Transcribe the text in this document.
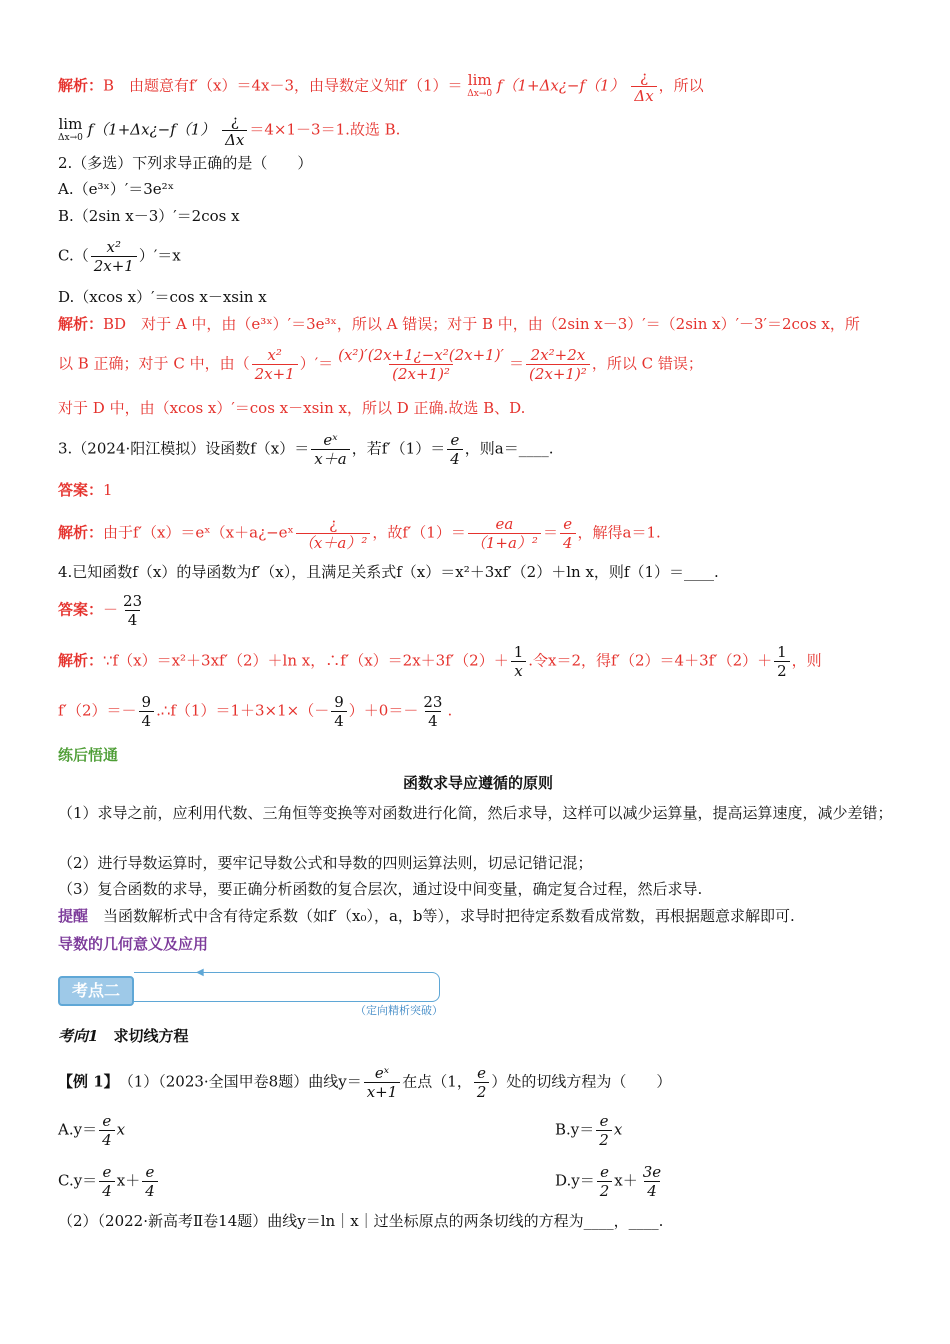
解析：B　由题意有f′（x）＝4x－3，由导数定义知f′（1）＝ lim
Δx→0 f（1+Δx¿−f（1） $\frac{¿}{\Delta x}$ ，所以
lim
Δx→0 f（1+Δx¿−f（1） $\frac{¿}{\Delta x} =4\times 1-3=1$.故选 B.
2.（多选）下列求导正确的是（　　）
A.（e³ˣ）′＝3e²ˣ
B.（2sin x－3）′＝2cos x
$C.( \frac{\text{x²}}{2x+1} )'=x$
D.（xcos x）′＝cos x－xsin x
解析：BD　对于 A 中，由（e³ˣ）′＝3e³ˣ，所以 A 错误；对于 B 中，由（2sin x－3）′＝（2sin x）′－3′＝2cos x，所
以 B 正确；对于 C 中，由（ $\frac{\text{x²}}{2x+1}$ ）′＝ $\frac{\text{(x²)′(2x+1¿−x²(2x+1)′}}{\text{(2x+1)²}} = \frac{\text{2x²+2x}}{\text{(2x+1)²}}$ ，所以 C 错误；
对于 D 中，由（xcos x）′＝cos x－xsin x，所以 D 正确.故选 B、D.
3.（2024·阳江模拟）设函数$f(x)= \frac{\text{eˣ}}{x+a}$ ，若$f'(1)= \frac{e}{4}$ ，则a＝____.
答案：1
解析：由于f′（x）＝eˣ（x＋a¿−eˣ $\frac{¿}{\text{（x＋a）²}}$ ，故$f'(1)= \frac{ea}{\text{（1+a）²}} = \frac{e}{4}$ ，解得a＝1.
4.已知函数f（x）的导函数为f′（x），且满足关系式f（x）＝x²＋3xf′（2）＋ln x，则f（1）＝____.
答案：－ $\frac{23}{4}$
解析：∵f（x）＝x²＋3xf′（2）＋ln x，∴f′（x）＝2x＋3f′（2）＋ $\frac{1}{x}$ .令x＝2，得$f'(2)=4+3f'(2)+ \frac{1}{2}$ ，则
$f'(2)=- \frac{9}{4}$ .∴f（1）＝1＋3×1×（－ $\frac{9}{4} )+0=- \frac{23}{4}$ .
练后悟通
函数求导应遵循的原则
（1）求导之前，应利用代数、三角恒等变换等对函数进行化简，然后求导，这样可以减少运算量，提高运算速度，减少差错；
（2）进行导数运算时，要牢记导数公式和导数的四则运算法则，切忌记错记混；
（3）复合函数的求导，要正确分析函数的复合层次，通过设中间变量，确定复合过程，然后求导.
提醒　 当函数解析式中含有待定系数（如f′（x₀），a，b等），求导时把待定系数看成常数，再根据题意求解即可.
导数的几何意义及应用
考点二
◀
（定向精析突破）
考向1　 求切线方程
【例 1】　 （1）（2023·全国甲卷8题）曲线$y= \frac{\text{eˣ}}{x+1}$ 在点（1， $\frac{e}{2}$ ）处的切线方程为（　　）
$A.y= \frac{e}{4}$ x	$B.y= \frac{e}{2}$ x
$C.y= \frac{e}{4} x+ \frac{e}{4}$	$D.y= \frac{e}{2} x+ \frac{3e}{4}$
（2）（2022·新高考Ⅱ卷14题）曲线y＝ln｜x｜过坐标原点的两条切线的方程为____，____.
